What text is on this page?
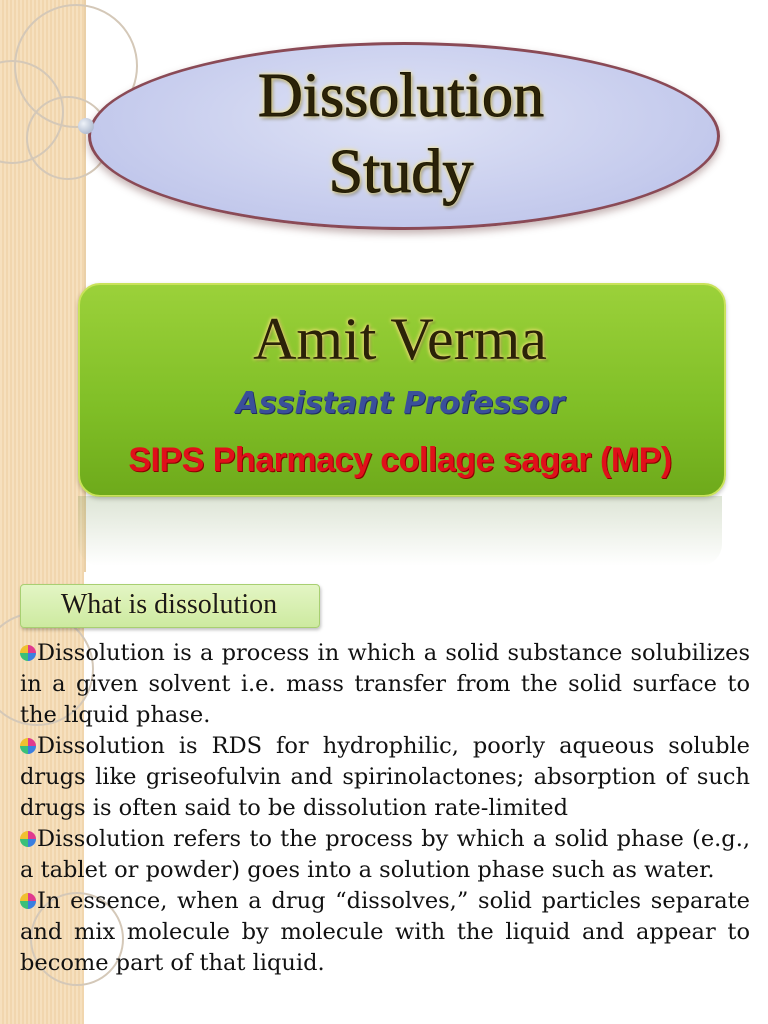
Dissolution
Study
Amit Verma
Assistant Professor
SIPS Pharmacy collage sagar (MP)
What is dissolution

Dissolution is a process in which a solid substance solubilizes in a given solvent i.e. mass transfer from the solid surface to the liquid phase.

Dissolution is RDS for hydrophilic, poorly aqueous soluble drugs like griseofulvin and spirinolactones; absorption of such drugs is often said to be dissolution rate-limited

Dissolution refers to the process by which a solid phase (e.g., a tablet or powder) goes into a solution phase such as water.

In essence, when a drug “dissolves,” solid particles separate and mix molecule by molecule with the liquid and appear to become part of that liquid.
